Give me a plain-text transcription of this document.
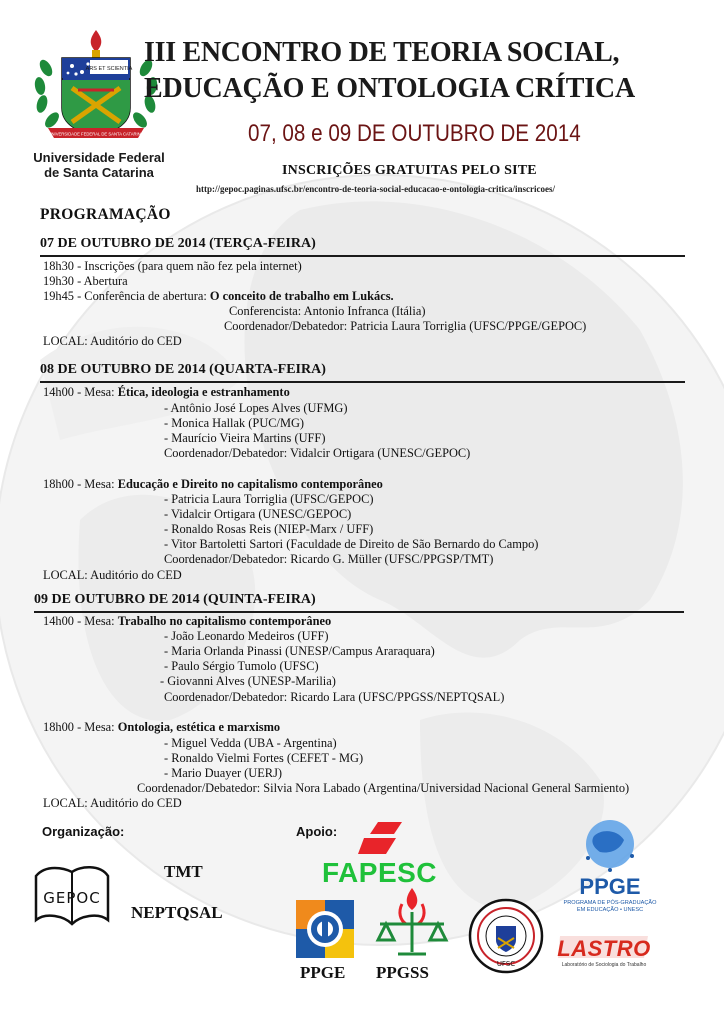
ARS ET SCIENTIA
UNIVERSIDADE FEDERAL DE SANTA CATARINA
Universidade Federal
de Santa Catarina
III ENCONTRO DE TEORIA SOCIAL,
EDUCAÇÃO E ONTOLOGIA CRÍTICA
07, 08 e 09 DE OUTUBRO DE 2014
INSCRIÇÕES GRATUITAS PELO SITE
http://gepoc.paginas.ufsc.br/encontro-de-teoria-social-educacao-e-ontologia-critica/inscricoes/
PROGRAMAÇÃO
07 DE OUTUBRO DE 2014 (TERÇA-FEIRA)
18h30 - Inscrições (para quem não fez pela internet)
19h30 - Abertura
19h45 - Conferência de abertura: O conceito de trabalho em Lukács.
Conferencista: Antonio Infranca (Itália)
Coordenador/Debatedor: Patricia Laura Torriglia (UFSC/PPGE/GEPOC)
LOCAL: Auditório do CED
08 DE OUTUBRO DE 2014 (QUARTA-FEIRA)
14h00 - Mesa: Ética, ideologia e estranhamento
- Antônio José Lopes Alves (UFMG)
- Monica Hallak (PUC/MG)
- Maurício Vieira Martins (UFF)
Coordenador/Debatedor: Vidalcir Ortigara (UNESC/GEPOC)
18h00 - Mesa: Educação e Direito no capitalismo contemporâneo
- Patricia Laura Torriglia (UFSC/GEPOC)
- Vidalcir Ortigara (UNESC/GEPOC)
- Ronaldo Rosas Reis (NIEP-Marx / UFF)
- Vitor Bartoletti Sartori (Faculdade de Direito de São Bernardo do Campo)
Coordenador/Debatedor: Ricardo G. Müller (UFSC/PPGSP/TMT)
LOCAL: Auditório do CED
09 DE OUTUBRO DE 2014 (QUINTA-FEIRA)
14h00 - Mesa: Trabalho no capitalismo contemporâneo
- João Leonardo Medeiros (UFF)
- Maria Orlanda Pinassi (UNESP/Campus Araraquara)
- Paulo Sérgio Tumolo (UFSC)
- Giovanni Alves (UNESP-Marilia)
Coordenador/Debatedor: Ricardo Lara (UFSC/PPGSS/NEPTQSAL)
18h00 - Mesa: Ontologia, estética e marxismo
- Miguel Vedda (UBA - Argentina)
- Ronaldo Vielmi Fortes (CEFET - MG)
- Mario Duayer (UERJ)
Coordenador/Debatedor: Silvia Nora Labado (Argentina/Universidad Nacional General Sarmiento)
LOCAL: Auditório do CED
Organização:	Apoio:
GEPOC
TMT
NEPTQSAL
FAPESC
PPGE PPGSS	UFSC
PPGE
PROGRAMA DE PÓS-GRADUAÇÃO
EM EDUCAÇÃO • UNESC
LASTRO
Laboratório de Sociologia do Trabalho
